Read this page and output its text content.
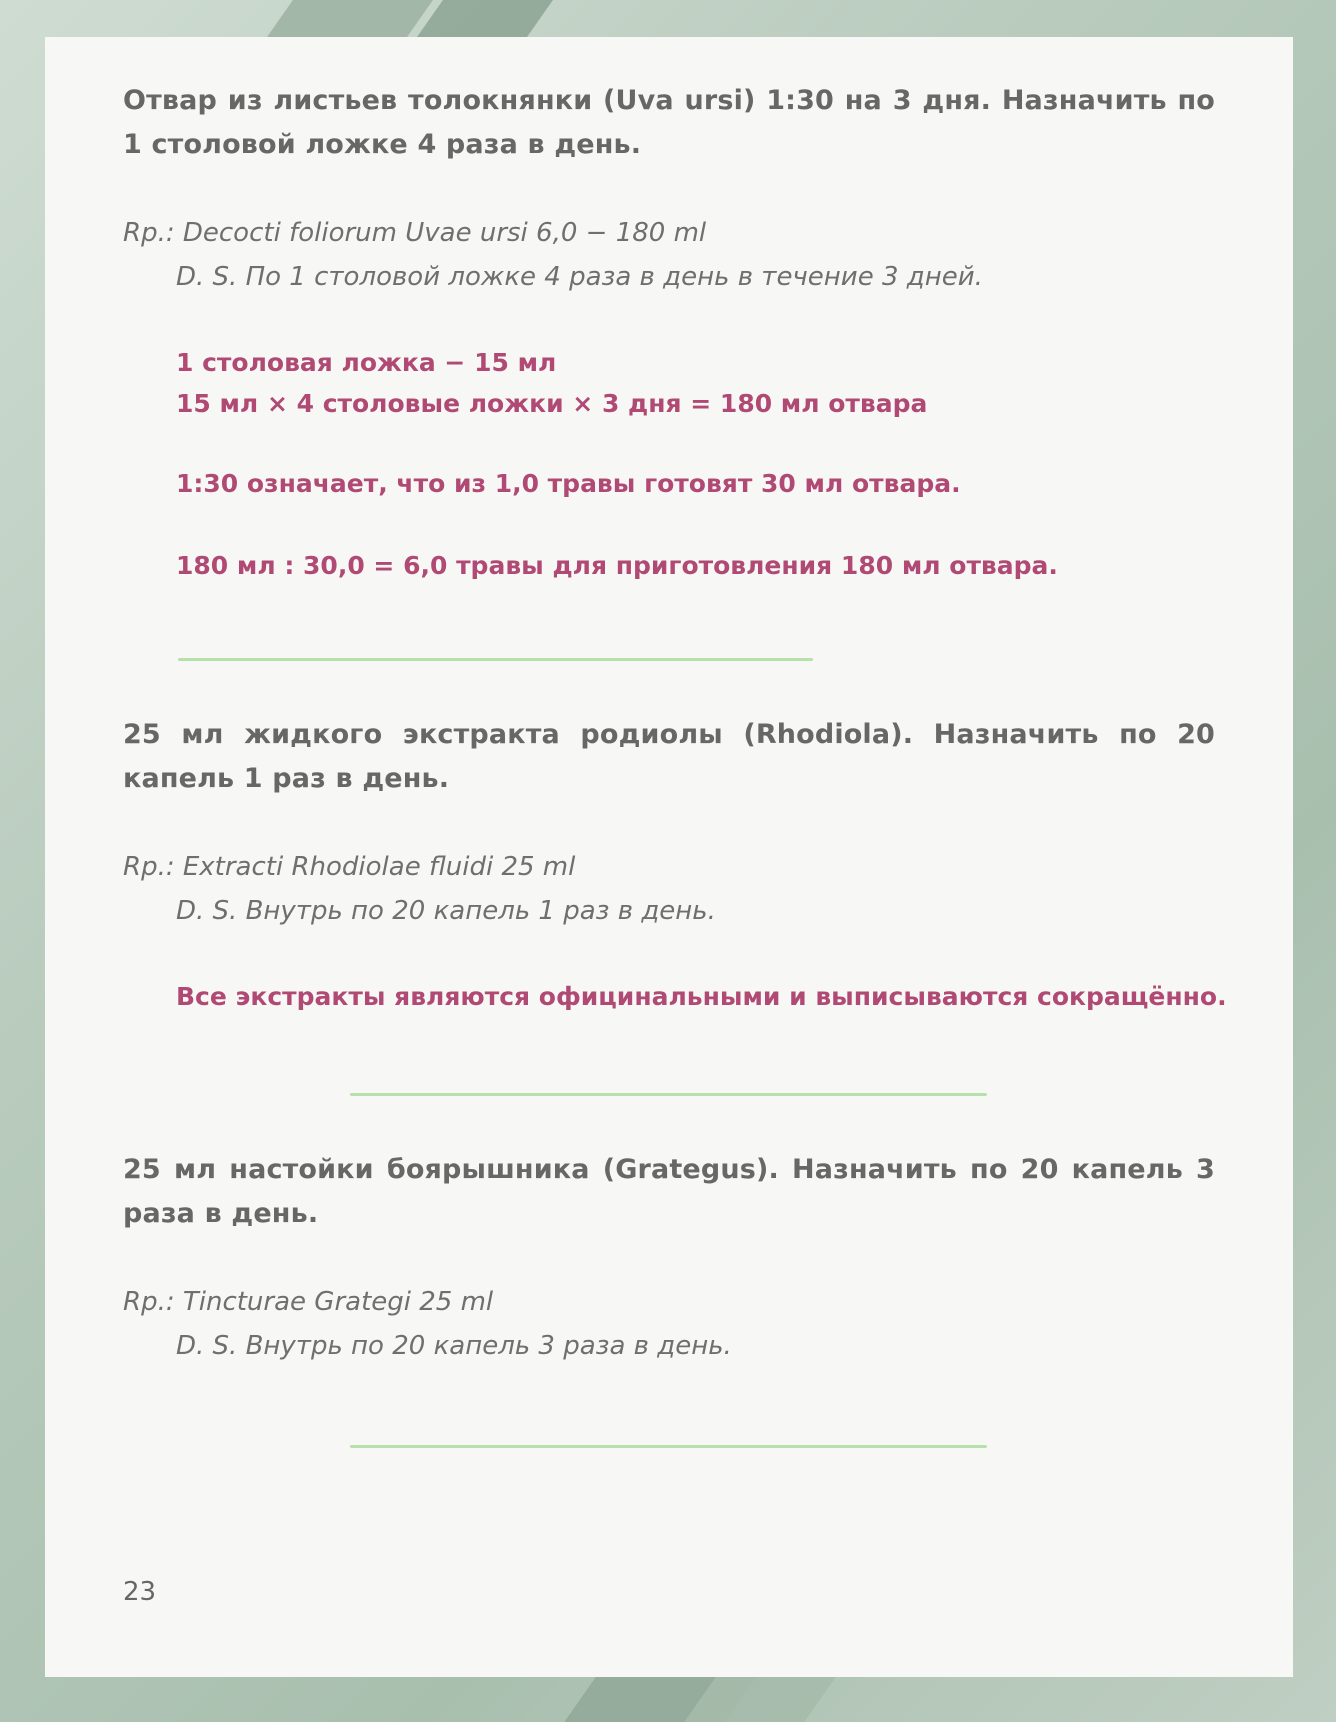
Отвар из листьев толокнянки (Uva ursi) 1:30 на 3 дня. Назначить по 1 столовой ложке 4 раза в день.
Rp.: Decocti foliorum Uvae ursi 6,0 − 180 ml
D. S. По 1 столовой ложке 4 раза в день в течение 3 дней.
1 столовая ложка − 15 мл
15 мл × 4 столовые ложки × 3 дня = 180 мл отвара
1:30 означает, что из 1,0 травы готовят 30 мл отвара.
180 мл : 30,0 = 6,0 травы для приготовления 180 мл отвара.
25 мл жидкого экстракта родиолы (Rhodiola). Назначить по 20 капель 1 раз в день.
Rp.: Extracti Rhodiolae fluidi 25 ml
D. S. Внутрь по 20 капель 1 раз в день.
Все экстракты являются официнальными и выписываются сокращённо.
25 мл настойки боярышника (Grategus). Назначить по 20 капель 3 раза в день.
Rp.: Tincturae Grategi 25 ml
D. S. Внутрь по 20 капель 3 раза в день.
23
